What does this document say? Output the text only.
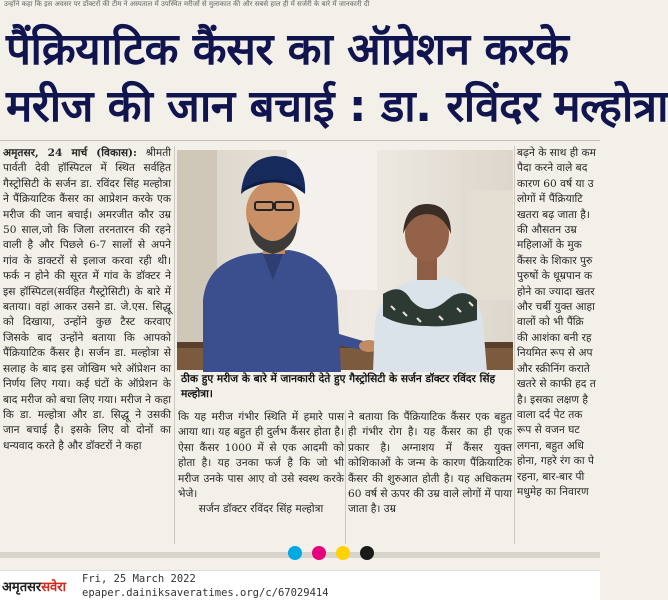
उन्होंने कहा कि इस अवसर पर डॉक्टरों की टीम ने अस्पताल में उपस्थित मरीजों से मुलाकात की और सबसे हाल ही में सर्जरी के बारे में जानकारी दी
पैंक्रियाटिक कैंसर का ऑप्रेशन करके
मरीज की जान बचाई : डा. रविंदर मल्होत्रा
अमृतसर, 24 मार्च (विकास): श्रीमती पार्वती देवी हॉस्पिटल में स्थित सर्वहित गैस्ट्रोसिटी के सर्जन डा. रविंदर सिंह मल्होत्रा ने पैंक्रियाटिक कैंसर का आप्रेशन करके एक मरीज की जान बचाई। अमरजीत कौर उम्र 50 साल,जो कि जिला तरनतारन की रहने वाली है और पिछले 6-7 सालों से अपने गांव के डाक्टरों से इलाज करवा रही थी। फर्क न होने की सूरत में गांव के डॉक्टर ने इस हॉस्पिटल(सर्वहित गैस्ट्रोसिटी) के बारे में बताया। वहां आकर उसने डा. जे.एस. सिद्धू को दिखाया, उन्होंने कुछ टैस्ट करवाए जिसके बाद उन्होंने बताया कि आपको पैंक्रियाटिक कैंसर है। सर्जन डा. मल्होत्रा से सलाह के बाद इस जोखिम भरे ऑप्रेशन का निर्णय लिए गया। कई घंटों के ऑप्रेशन के बाद मरीज को बचा लिए गया। मरीज ने कहा कि डा. मल्होत्रा और डा. सिद्धू ने उसकी जान बचाई है। इसके लिए वो दोनों का धन्यवाद करते है और डॉक्टरों ने कहा
ठीक हुए मरीज के बारे में जानकारी देते हुए गैस्ट्रोसिटी के सर्जन डॉक्टर रविंदर सिंह मल्होत्रा।
कि यह मरीज गंभीर स्थिति में हमारे पास आया था। यह बहुत ही दुर्लभ कैंसर होता है। ऐसा कैंसर 1000 में से एक आदमी को होता है। यह उनका फर्ज है कि जो भी मरीज उनके पास आए वो उसे स्वस्थ करके भेजे।
सर्जन डॉक्टर रविंदर सिंह मल्होत्रा
ने बताया कि पैंक्रियाटिक कैंसर एक बहुत ही गंभीर रोग है। यह कैंसर का ही एक प्रकार है। अग्नाशय में कैंसर युक्त कोशिकाओं के जन्म के कारण पैंक्रियाटिक कैंसर की शुरुआत होती है। यह अधिकतम 60 वर्ष से ऊपर की उम्र वाले लोगों में पाया जाता है। उम्र

बढ़ने के साथ ही कम

पैदा करने वाले बद

कारण 60 वर्ष या उ

लोगों में पैंक्रियाटि

खतरा बढ़ जाता है।

की औसतन उम्र

महिलाओं के मुक

कैंसर के शिकार पुरु

पुरुषों के धूम्रपान क

होने का ज्यादा खतर

और चर्बी युक्त आहा

वालों को भी पैंक्रि

की आशंका बनी रह

नियमित रूप से अप

और स्क्रीनिंग कराते

खतरे से काफी हद त

है। इसका लक्षण है

वाला दर्द पेट तक

रूप से वजन घट

लगना, बहुत अधि

होना, गहरे रंग का पे

रहना, बार-बार पी

मधुमेह का निवारण

अमृतसरसवेरा
Fri, 25 March 2022
epaper.dainiksaveratimes.org/c/67029414
